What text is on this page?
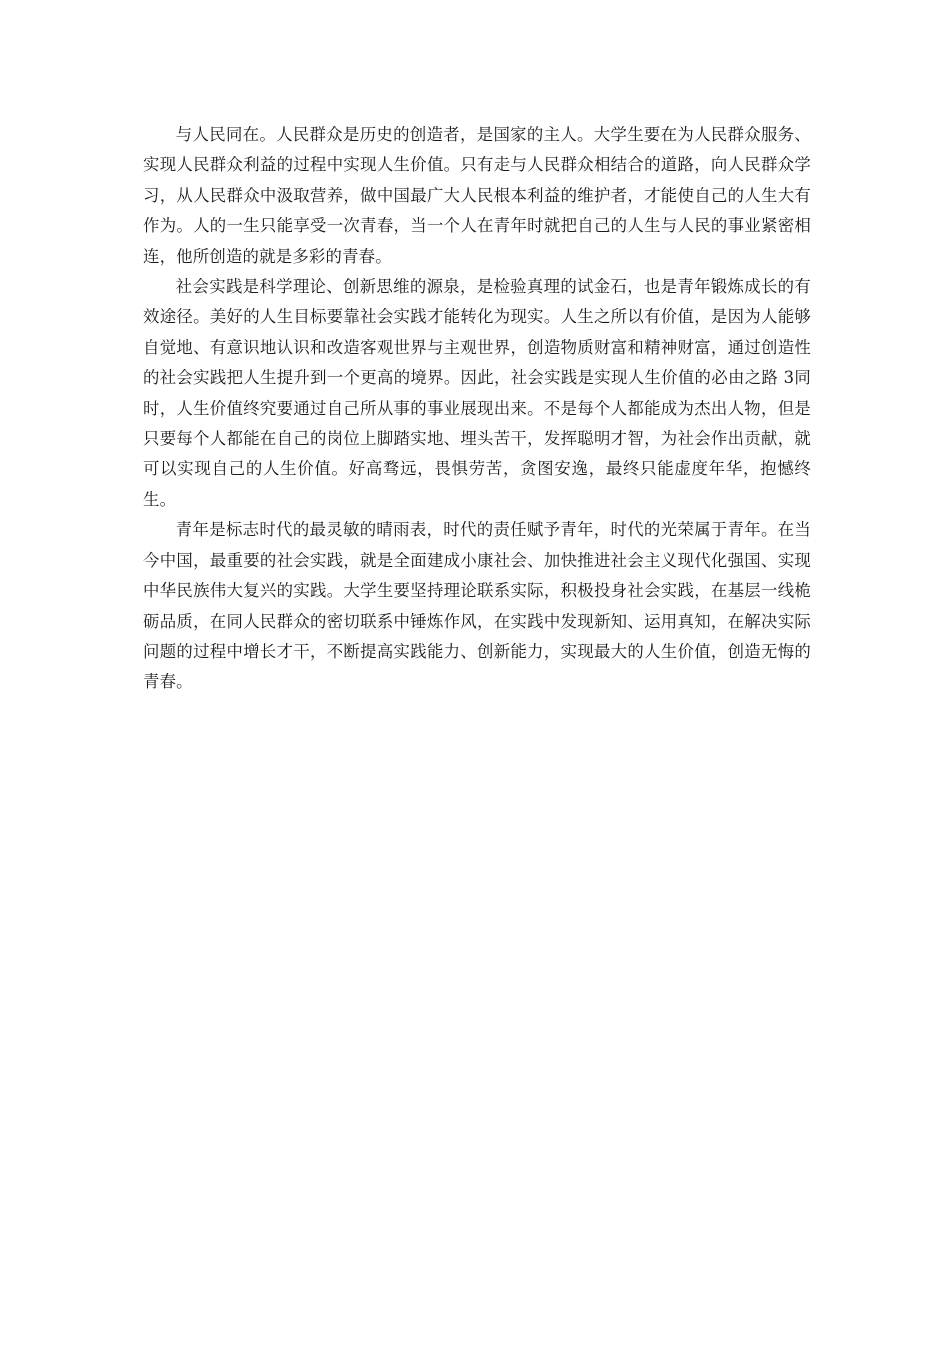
与人民同在。人民群众是历史的创造者，是国家的主人。大学生要在为人民群众服务、实现人民群众利益的过程中实现人生价值。只有走与人民群众相结合的道路，向人民群众学习，从人民群众中汲取营养，做中国最广大人民根本利益的维护者，才能使自己的人生大有作为。人的一生只能享受一次青春，当一个人在青年时就把自己的人生与人民的事业紧密相连，他所创造的就是多彩的青春。

社会实践是科学理论、创新思维的源泉，是检验真理的试金石，也是青年锻炼成长的有效途径。美好的人生目标要靠社会实践才能转化为现实。人生之所以有价值，是因为人能够自觉地、有意识地认识和改造客观世界与主观世界，创造物质财富和精神财富，通过创造性的社会实践把人生提升到一个更高的境界。因此，社会实践是实现人生价值的必由之路 3同时，人生价值终究要通过自己所从事的事业展现出来。不是每个人都能成为杰出人物，但是只要每个人都能在自己的岗位上脚踏实地、埋头苦干，发挥聪明才智，为社会作出贡献，就可以实现自己的人生价值。好高骛远，畏惧劳苦，贪图安逸，最终只能虚度年华，抱憾终生。

青年是标志时代的最灵敏的晴雨表，时代的责任赋予青年，时代的光荣属于青年。在当今中国，最重要的社会实践，就是全面建成小康社会、加快推进社会主义现代化强国、实现中华民族伟大复兴的实践。大学生要坚持理论联系实际，积极投身社会实践，在基层一线桅砺品质，在同人民群众的密切联系中锤炼作风，在实践中发现新知、运用真知，在解决实际问题的过程中增长才干，不断提高实践能力、创新能力，实现最大的人生价值，创造无悔的青春。
